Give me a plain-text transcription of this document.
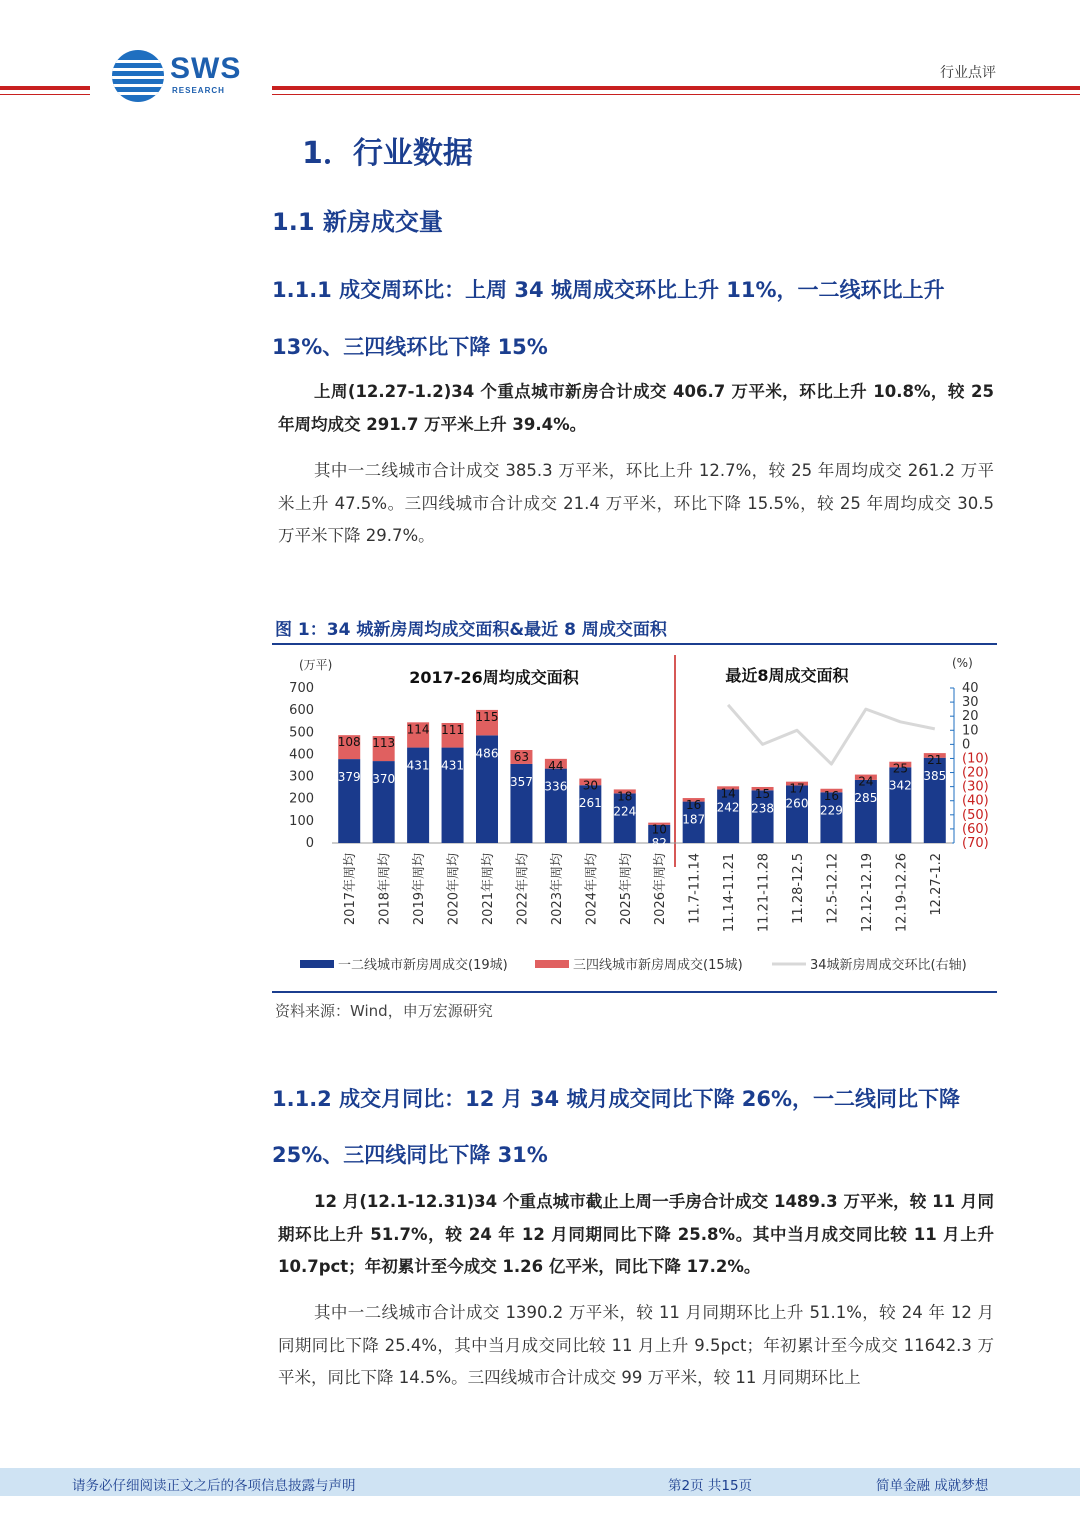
SWS
RESEARCH
行业点评
1．行业数据
1.1 新房成交量
1.1.1 成交周环比：上周 34 城周成交环比上升 11%，一二线环比上升
13%、三四线环比下降 15%
上周(12.27-1.2)34 个重点城市新房合计成交 406.7 万平米，环比上升 10.8%，较 25 年周均成交 291.7 万平米上升 39.4%。
其中一二线城市合计成交 385.3 万平米，环比上升 12.7%，较 25 年周均成交 261.2 万平米上升 47.5%。三四线城市合计成交 21.4 万平米，环比下降 15.5%，较 25 年周均成交 30.5 万平米下降 29.7%。
图 1：34 城新房周均成交面积&最近 8 周成交面积
(万平)	(%)
700
600
500
400
300
200
100
0
40
30
20
10
0
(10)
(20)
(30)
(40)
(50)
(60)
(70)
2017-26周均成交面积	最近8周成交面积
379
108
370
113
431
114
431
111
486
115
357
63
336
44
261
30
224
18
82
10
187
16 242
14
238
15
260
17
229
16 285
24 342
25
385
21
2017年周均 2018年周均 2019年周均 2020年周均 2021年周均 2022年周均 2023年周均 2024年周均 2025年周均 2026年周均 11.7-11.14 11.14-11.21 11.21-11.28 11.28-12.5 12.5-12.12 12.12-12.19 12.19-12.26 12.27-1.2
一二线城市新房周成交(19城)	三四线城市新房周成交(15城)	34城新房周成交环比(右轴)
资料来源：Wind，申万宏源研究
1.1.2 成交月同比：12 月 34 城月成交同比下降 26%，一二线同比下降
25%、三四线同比下降 31%
12 月(12.1-12.31)34 个重点城市截止上周一手房合计成交 1489.3 万平米，较 11 月同期环比上升 51.7%，较 24 年 12 月同期同比下降 25.8%。其中当月成交同比较 11 月上升 10.7pct；年初累计至今成交 1.26 亿平米，同比下降 17.2%。
其中一二线城市合计成交 1390.2 万平米，较 11 月同期环比上升 51.1%，较 24 年 12 月同期同比下降 25.4%，其中当月成交同比较 11 月上升 9.5pct；年初累计至今成交 11642.3 万平米，同比下降 14.5%。三四线城市合计成交 99 万平米，较 11 月同期环比上
请务必仔细阅读正文之后的各项信息披露与声明	第2页 共15页	简单金融 成就梦想
